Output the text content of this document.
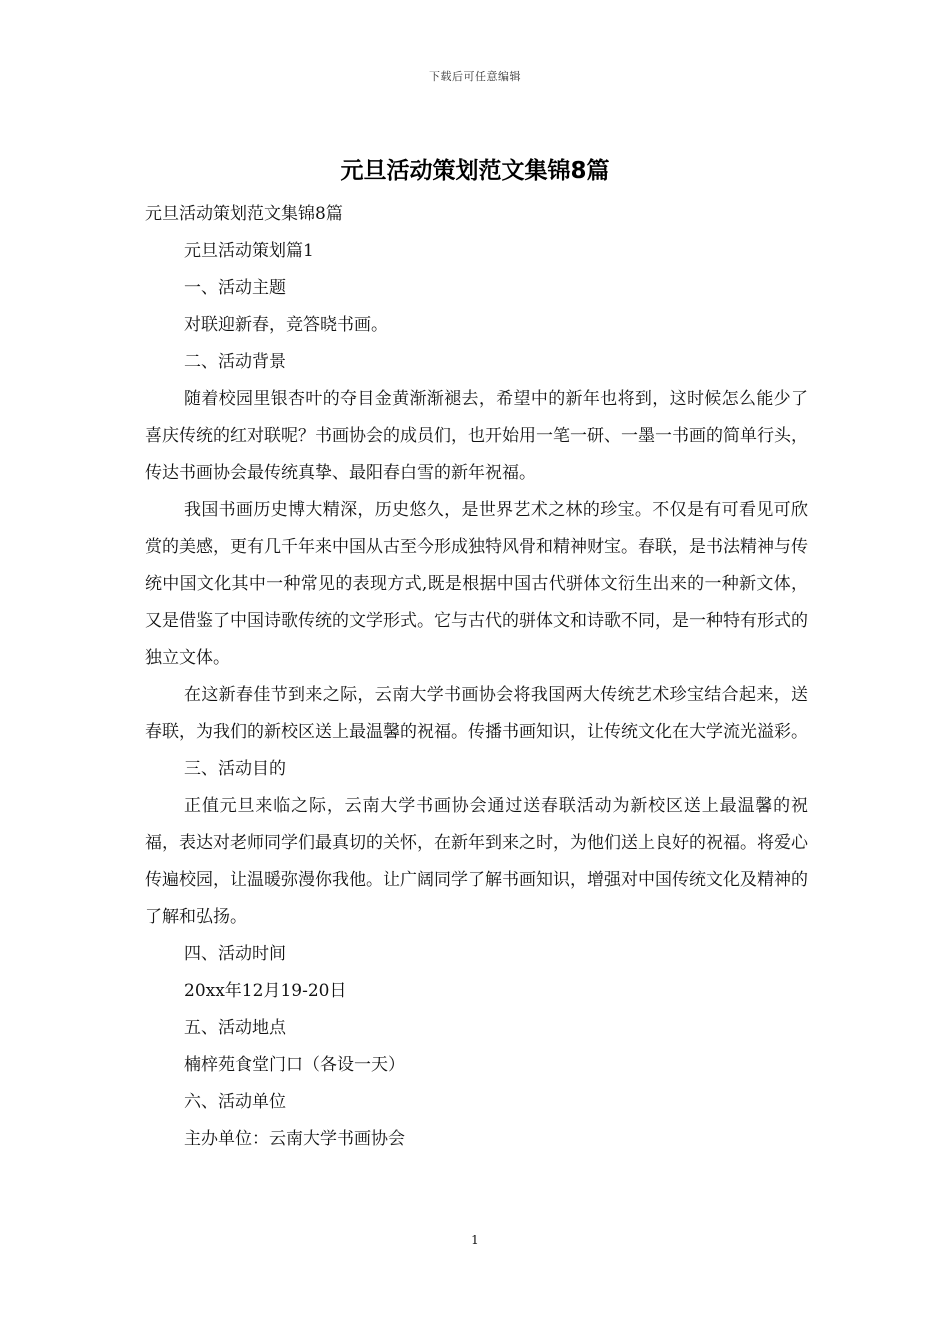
下载后可任意编辑
元旦活动策划范文集锦8篇

元旦活动策划范文集锦8篇

元旦活动策划篇1

一、活动主题

对联迎新春，竞答晓书画。

二、活动背景

随着校园里银杏叶的夺目金黄渐渐褪去，希望中的新年也将到，这时候怎么能少了喜庆传统的红对联呢？书画协会的成员们，也开始用一笔一研、一墨一书画的简单行头，传达书画协会最传统真挚、最阳春白雪的新年祝福。

我国书画历史博大精深，历史悠久，是世界艺术之林的珍宝。不仅是有可看见可欣赏的美感，更有几千年来中国从古至今形成独特风骨和精神财宝。春联，是书法精神与传统中国文化其中一种常见的表现方式,既是根据中国古代骈体文衍生出来的一种新文体，又是借鉴了中国诗歌传统的文学形式。它与古代的骈体文和诗歌不同，是一种特有形式的独立文体。

在这新春佳节到来之际，云南大学书画协会将我国两大传统艺术珍宝结合起来，送春联，为我们的新校区送上最温馨的祝福。传播书画知识，让传统文化在大学流光溢彩。

三、活动目的

正值元旦来临之际，云南大学书画协会通过送春联活动为新校区送上最温馨的祝福，表达对老师同学们最真切的关怀，在新年到来之时，为他们送上良好的祝福。将爱心传遍校园，让温暖弥漫你我他。让广阔同学了解书画知识，增强对中国传统文化及精神的了解和弘扬。

四、活动时间

20xx年12月19-20日

五、活动地点

楠梓苑食堂门口（各设一天）

六、活动单位

主办单位：云南大学书画协会

1
